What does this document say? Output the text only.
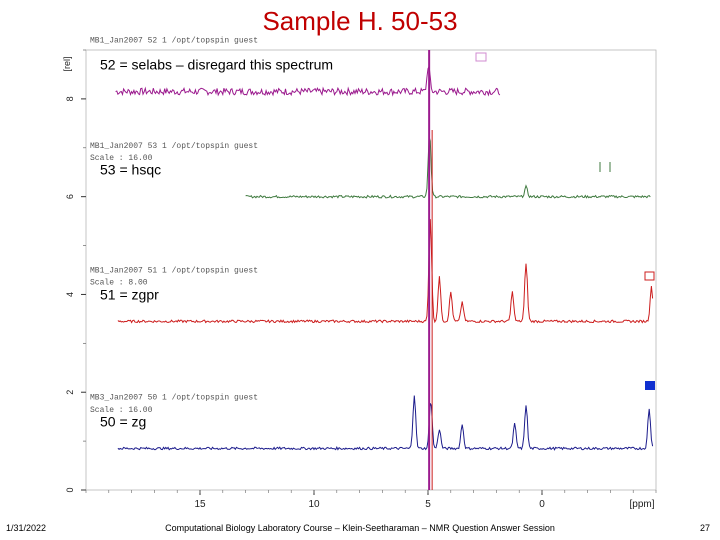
Sample H. 50-53
0
2
4
6
8
[rel]
15	10	5	0	[ppm]
MB1_Jan2007 52 1 /opt/topspin guest
52 = selabs – disregard this spectrum
MB1_Jan2007 53 1 /opt/topspin guest
Scale : 16.00
53 = hsqc
MB1_Jan2007 51 1 /opt/topspin guest
Scale : 8.00
51 = zgpr
MB3_Jan2007 50 1 /opt/topspin guest
Scale : 16.00
50 = zg
1/31/2022	Computational Biology Laboratory Course – Klein-Seetharaman – NMR Question Answer Session	27
